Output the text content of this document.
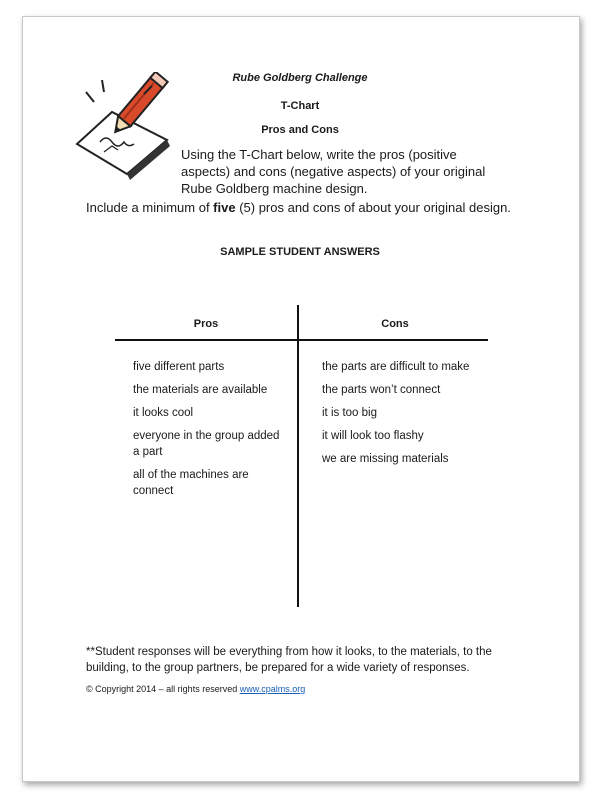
Rube Goldberg Challenge
T-Chart
Pros and Cons
Using the T-Chart below, write the pros (positive aspects) and cons (negative aspects) of your original Rube Goldberg machine design.
Include a minimum of five (5) pros and cons of about your original design.
SAMPLE STUDENT ANSWERS
Pros	Cons
five different parts
the materials are available
it looks cool
everyone in the group added a part
all of the machines are connect
the parts are difficult to make
the parts won’t connect
it is too big
it will look too flashy
we are missing materials
**Student responses will be everything from how it looks, to the materials, to the building, to the group partners, be prepared for a wide variety of responses.
© Copyright 2014 – all rights reserved www.cpalms.org
